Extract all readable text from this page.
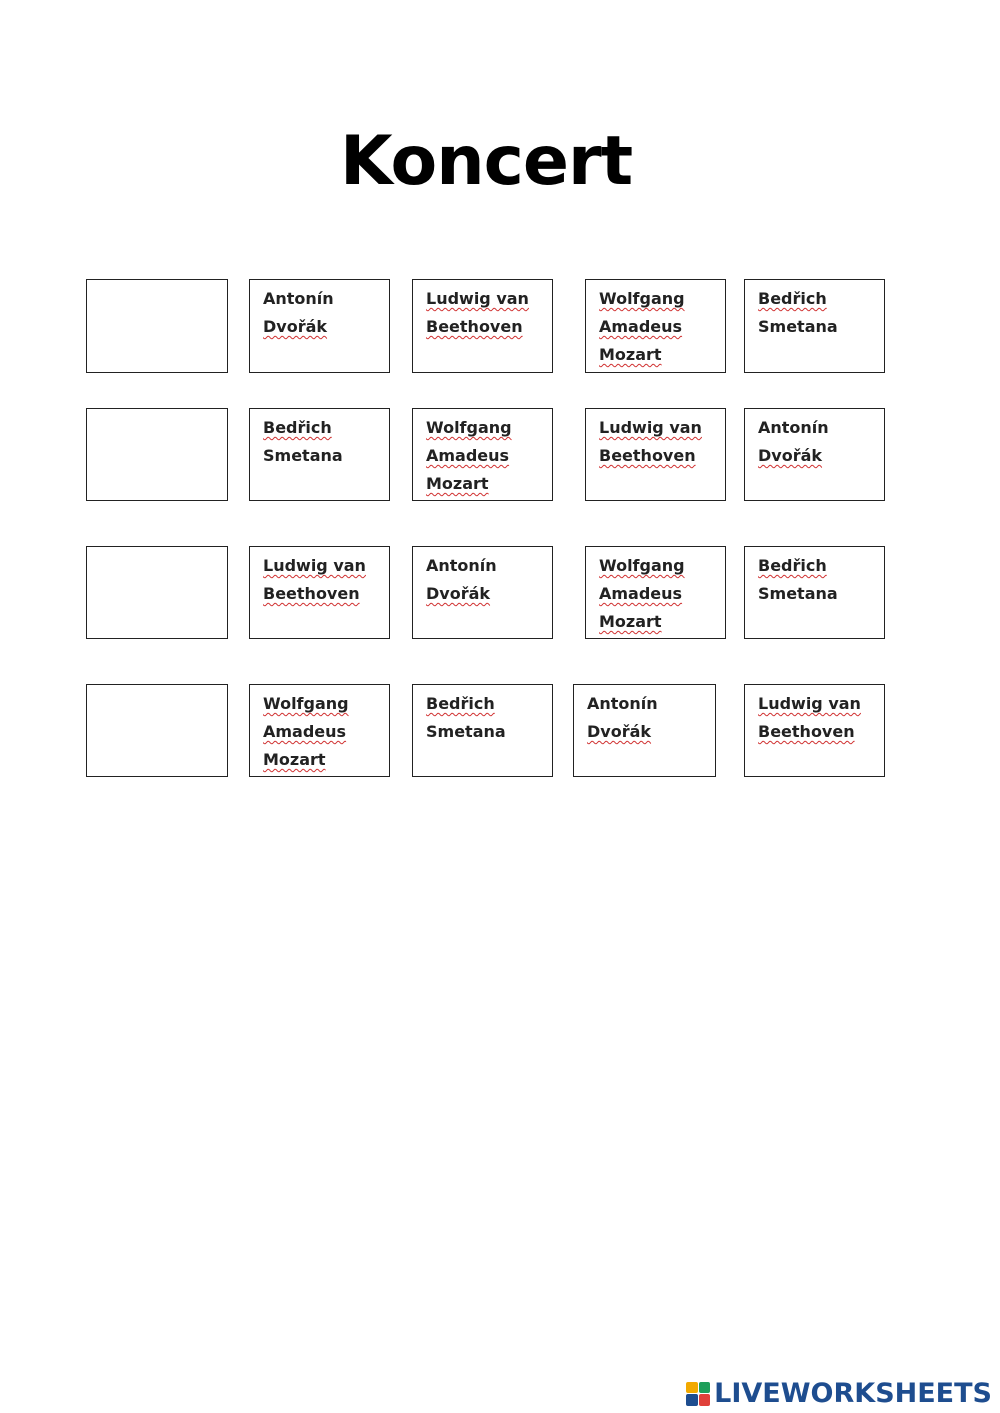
Koncert
Antonín
Dvořák
Ludwig van
Beethoven
Wolfgang
Amadeus
Mozart
Bedřich
Smetana
Bedřich
Smetana
Wolfgang
Amadeus
Mozart
Ludwig van
Beethoven
Antonín
Dvořák
Ludwig van
Beethoven
Antonín
Dvořák
Wolfgang
Amadeus
Mozart
Bedřich
Smetana
Wolfgang
Amadeus
Mozart
Bedřich
Smetana
Antonín
Dvořák
Ludwig van
Beethoven
LIVEWORKSHEETS
